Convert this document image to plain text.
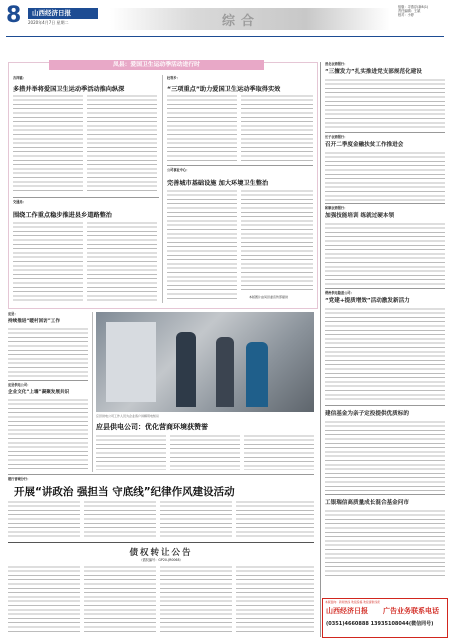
8	山西经济日报
2020年4月7日 星期二	综合
组版：寻燕浮(新8(1)
责任编辑：王斌
校对：小婷
凤县：爱国卫生运动季活动进行时
吉祥镇：
多措并举将爱国卫生运动季活动推向纵深
杜利乡：
“三项重点”助力爱国卫生运动季取得实效
交通局：
围绕工作重点稳步推进县乡道路整治
公司事业中心：
完善城市基础设施 加大环境卫生整治
本版图片由凤县委宣传部提供
应县：
持续推进“暖村回访”工作
应县供电公司：
企业文化“上墙”凝聚发展共识
应县供电公司工作人员为企业客户讲解用电知识
应县供电公司：优化营商环境获赞誉
建行晋城分行：
开展“讲政治 强担当 守底线”纪律作风建设活动
债权转让公告
（债权编号：GP20-JR0068）
晋北农商银行：
“三擅发力”扎实推进党支部规范化建设
长子农商银行：
召开二季度金融扶贫工作推进会
和顺农商银行：
加强技能培训 练就过硬本领
朔州供电隐道公司：
“党建+提质增效”活动激发新活力
建信基金为亲子定投提供优质标的
工银瑞信高质量成长混合基金问市
本版面向：新闻热线 欢迎投稿 欢迎提供线索
山西经济日报 广告业务联系电话
(0351)4660888 13935108044(微信同号)
